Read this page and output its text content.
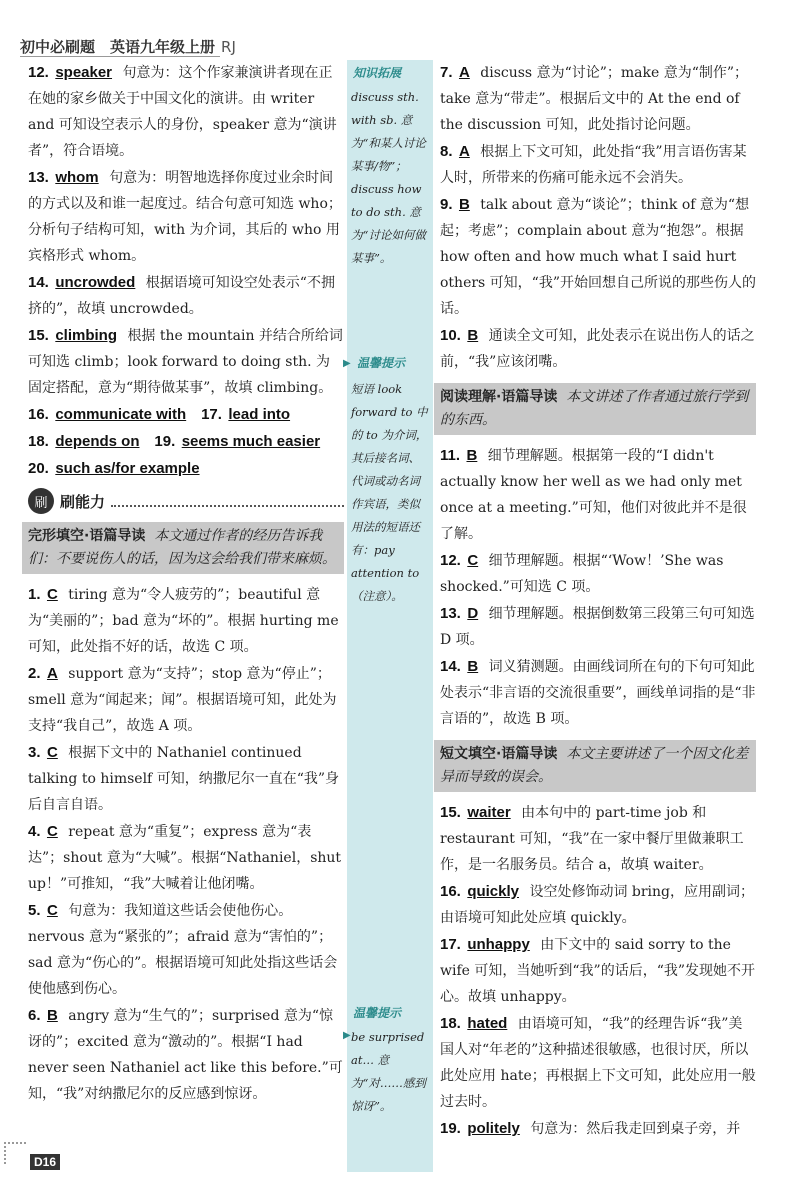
初中必刷题　英语九年级上册 RJ
12. speaker 句意为：这个作家兼演讲者现在正在她的家乡做关于中国文化的演讲。由 writer and 可知设空表示人的身份，speaker 意为“演讲者”，符合语境。
13. whom 句意为：明智地选择你度过业余时间的方式以及和谁一起度过。结合句意可知选 who；分析句子结构可知，with 为介词，其后的 who 用宾格形式 whom。
14. uncrowded 根据语境可知设空处表示“不拥挤的”，故填 uncrowded。
15. climbing 根据 the mountain 并结合所给词可知选 climb；look forward to doing sth. 为固定搭配，意为“期待做某事”，故填 climbing。
16. communicate with 17. lead into
18. depends on 19. seems much easier
20. such as/for example
刷 刷能力
完形填空·语篇导读 本文通过作者的经历告诉我们：不要说伤人的话，因为这会给我们带来麻烦。
1. C tiring 意为“令人疲劳的”；beautiful 意为“美丽的”；bad 意为“坏的”。根据 hurting me 可知，此处指不好的话，故选 C 项。
2. A support 意为“支持”；stop 意为“停止”；smell 意为“闻起来；闻”。根据语境可知，此处为支持“我自己”，故选 A 项。
3. C 根据下文中的 Nathaniel continued talking to himself 可知，纳撒尼尔一直在“我”身后自言自语。
4. C repeat 意为“重复”；express 意为“表达”；shout 意为“大喊”。根据“Nathaniel，shut up！”可推知，“我”大喊着让他闭嘴。
5. C 句意为：我知道这些话会使他伤心。nervous 意为“紧张的”；afraid 意为“害怕的”；sad 意为“伤心的”。根据语境可知此处指这些话会使他感到伤心。
6. B angry 意为“生气的”；surprised 意为“惊讶的”；excited 意为“激动的”。根据“I had never seen Nathaniel act like this before.”可知，“我”对纳撒尼尔的反应感到惊讶。
知识拓展
discuss sth. with sb. 意为“和某人讨论某事/物”；discuss how to do sth. 意为“讨论如何做某事”。
▶ 温馨提示
短语 look forward to 中的 to 为介词，其后接名词、代词或动名词作宾语，类似用法的短语还有：pay attention to（注意）。
温馨提示
▶ be surprised at… 意为“对……感到惊讶”。
7. A discuss 意为“讨论”；make 意为“制作”；take 意为“带走”。根据后文中的 At the end of the discussion 可知，此处指讨论问题。
8. A 根据上下文可知，此处指“我”用言语伤害某人时，所带来的伤痛可能永远不会消失。
9. B talk about 意为“谈论”；think of 意为“想起；考虑”；complain about 意为“抱怨”。根据 how often and how much what I said hurt others 可知，“我”开始回想自己所说的那些伤人的话。
10. B 通读全文可知，此处表示在说出伤人的话之前，“我”应该闭嘴。
阅读理解·语篇导读 本文讲述了作者通过旅行学到的东西。
11. B 细节理解题。根据第一段的“I didn't actually know her well as we had only met once at a meeting.”可知，他们对彼此并不是很了解。
12. C 细节理解题。根据“‘Wow！’She was shocked.”可知选 C 项。
13. D 细节理解题。根据倒数第三段第三句可知选 D 项。
14. B 词义猜测题。由画线词所在句的下句可知此处表示“非言语的交流很重要”，画线单词指的是“非言语的”，故选 B 项。
短文填空·语篇导读 本文主要讲述了一个因文化差异而导致的误会。
15. waiter 由本句中的 part-time job 和 restaurant 可知，“我”在一家中餐厅里做兼职工作，是一名服务员。结合 a，故填 waiter。
16. quickly 设空处修饰动词 bring，应用副词；由语境可知此处应填 quickly。
17. unhappy 由下文中的 said sorry to the wife 可知，当她听到“我”的话后，“我”发现她不开心。故填 unhappy。
18. hated 由语境可知，“我”的经理告诉“我”美国人对“年老的”这种描述很敏感，也很讨厌，所以此处应用 hate；再根据上下文可知，此处应用一般过去时。
19. politely 句意为：然后我走回到桌子旁，并
D16
